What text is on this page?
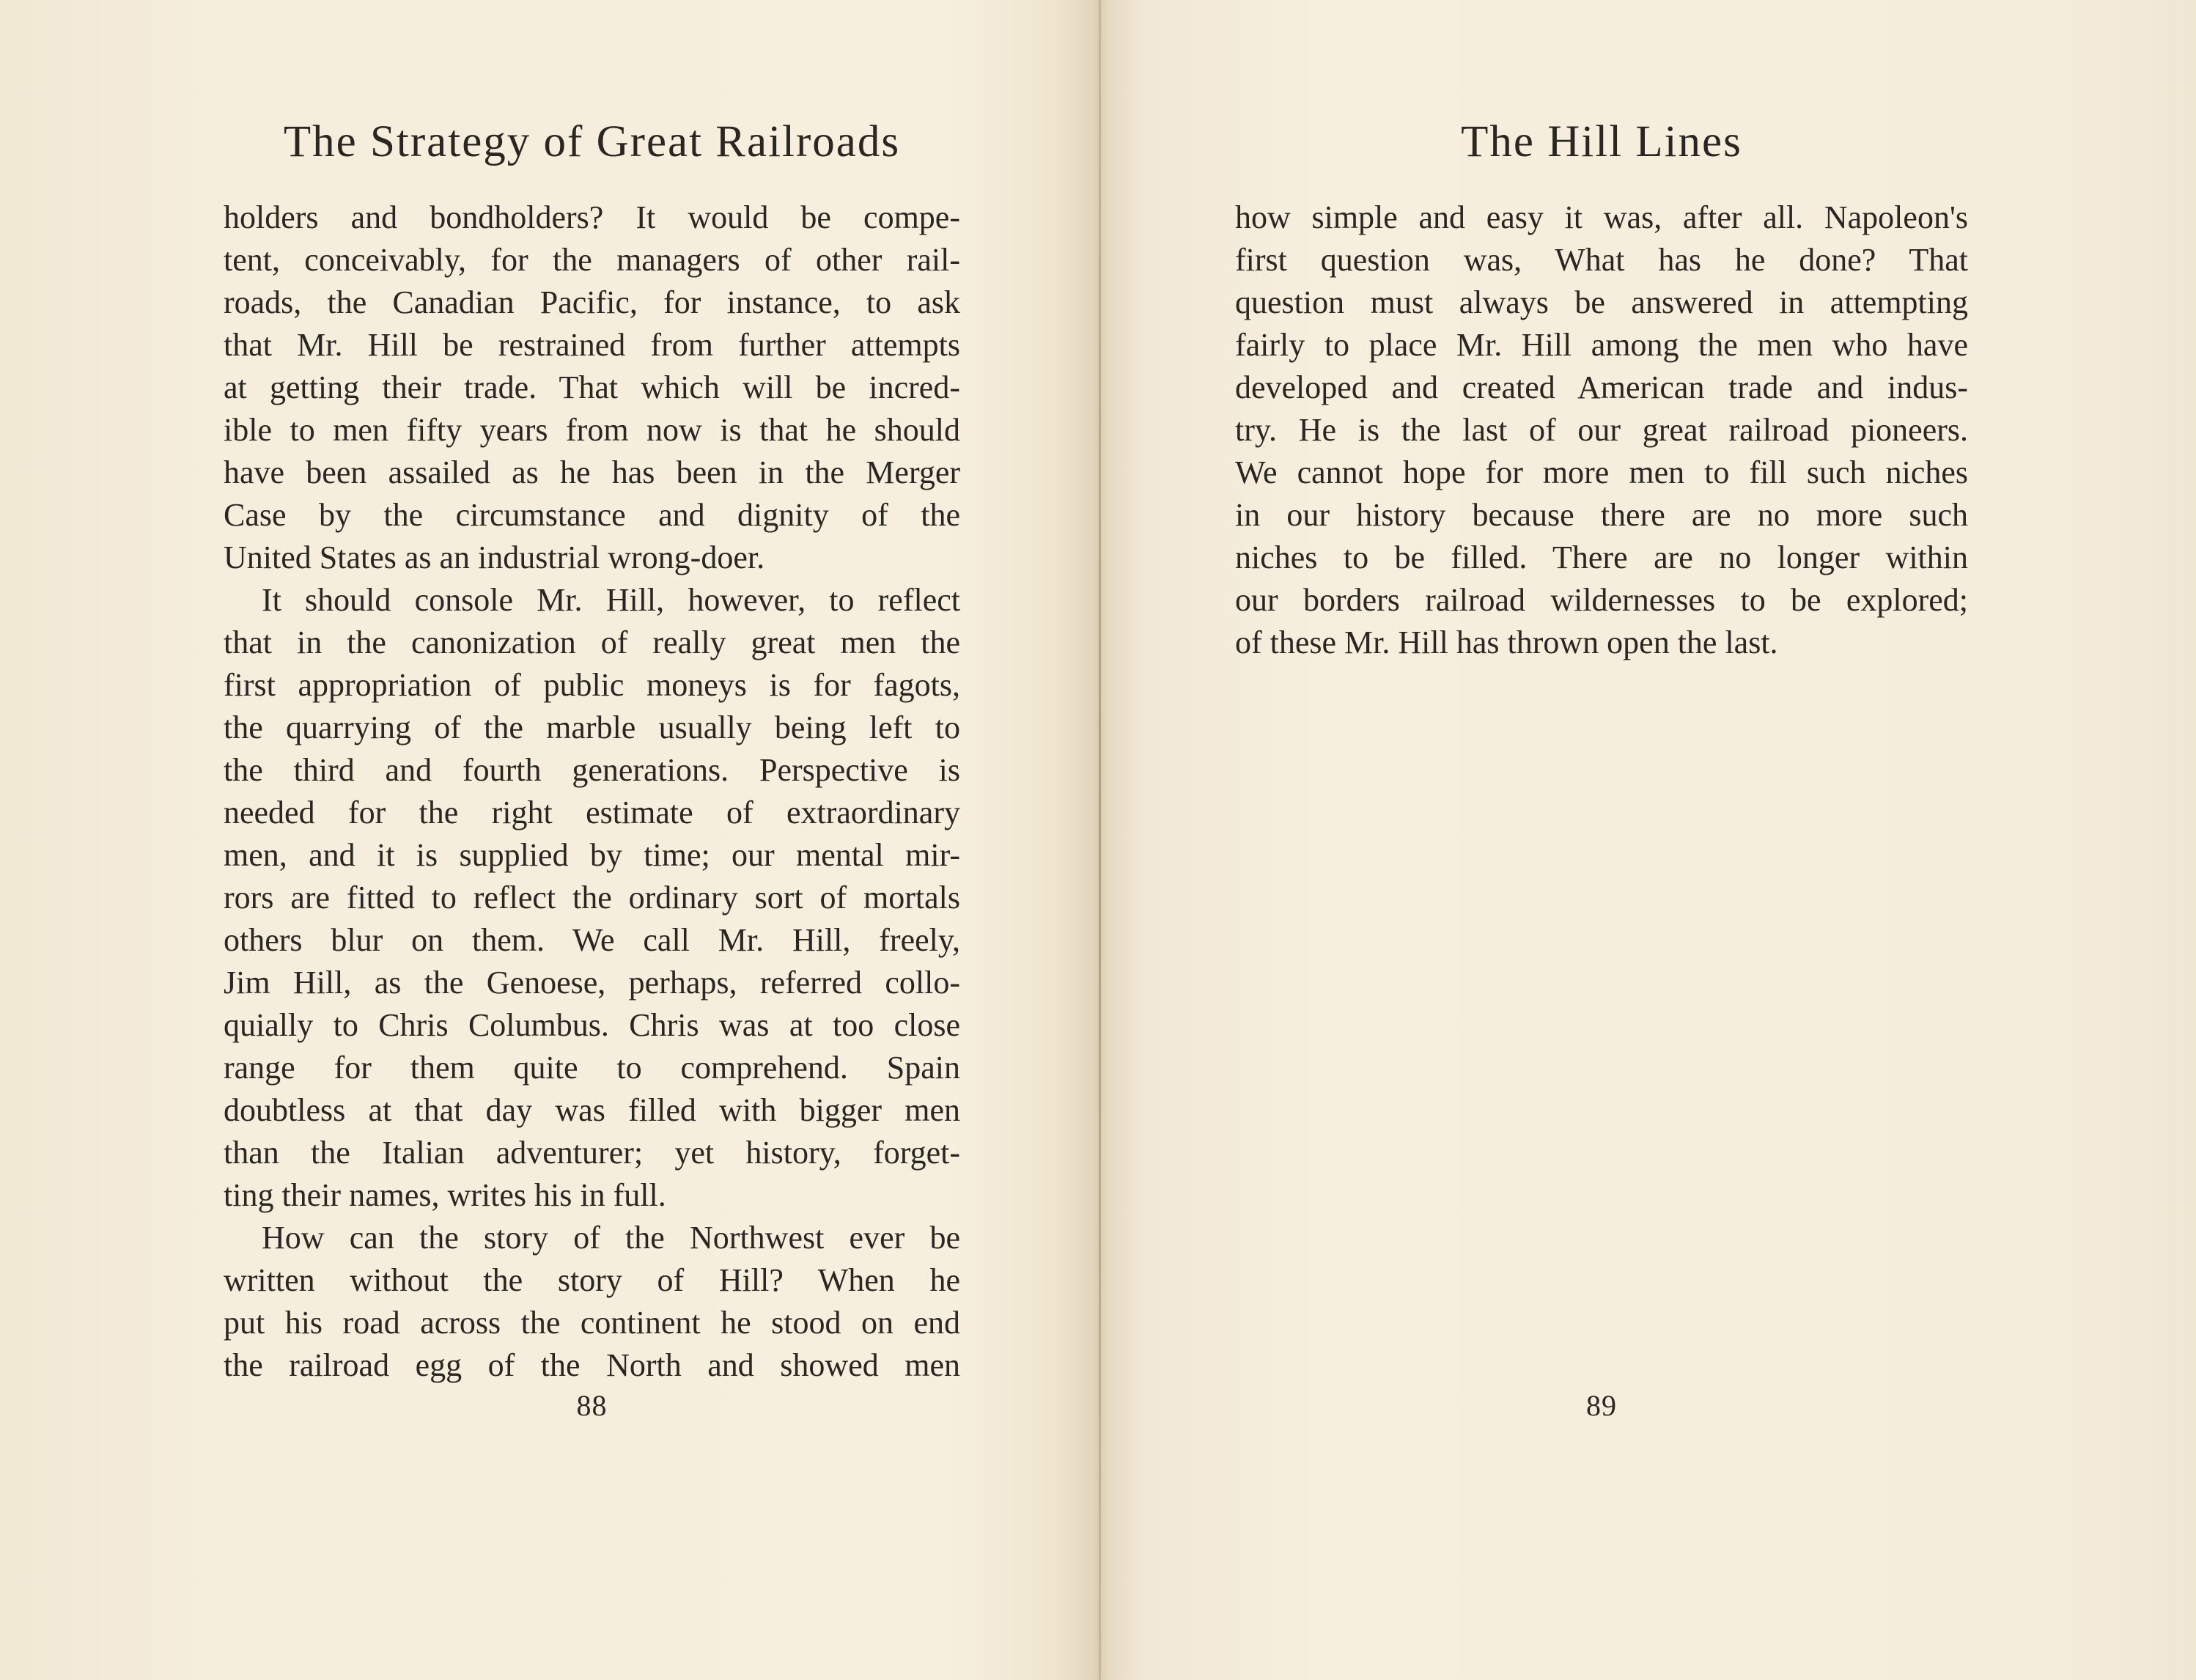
The Strategy of Great Railroads
holders and bondholders? It would be compe-
tent, conceivably, for the managers of other rail-
roads, the Canadian Pacific, for instance, to ask
that Mr. Hill be restrained from further attempts
at getting their trade. That which will be incred-
ible to men fifty years from now is that he should
have been assailed as he has been in the Merger
Case by the circumstance and dignity of the
United States as an industrial wrong-doer.
It should console Mr. Hill, however, to reflect
that in the canonization of really great men the
first appropriation of public moneys is for fagots,
the quarrying of the marble usually being left to
the third and fourth generations. Perspective is
needed for the right estimate of extraordinary
men, and it is supplied by time; our mental mir-
rors are fitted to reflect the ordinary sort of mortals
others blur on them. We call Mr. Hill, freely,
Jim Hill, as the Genoese, perhaps, referred collo-
quially to Chris Columbus. Chris was at too close
range for them quite to comprehend. Spain
doubtless at that day was filled with bigger men
than the Italian adventurer; yet history, forget-
ting their names, writes his in full.
How can the story of the Northwest ever be
written without the story of Hill? When he
put his road across the continent he stood on end
the railroad egg of the North and showed men
88
The Hill Lines
how simple and easy it was, after all. Napoleon's
first question was, What has he done? That
question must always be answered in attempting
fairly to place Mr. Hill among the men who have
developed and created American trade and indus-
try. He is the last of our great railroad pioneers.
We cannot hope for more men to fill such niches
in our history because there are no more such
niches to be filled. There are no longer within
our borders railroad wildernesses to be explored;
of these Mr. Hill has thrown open the last.
89
